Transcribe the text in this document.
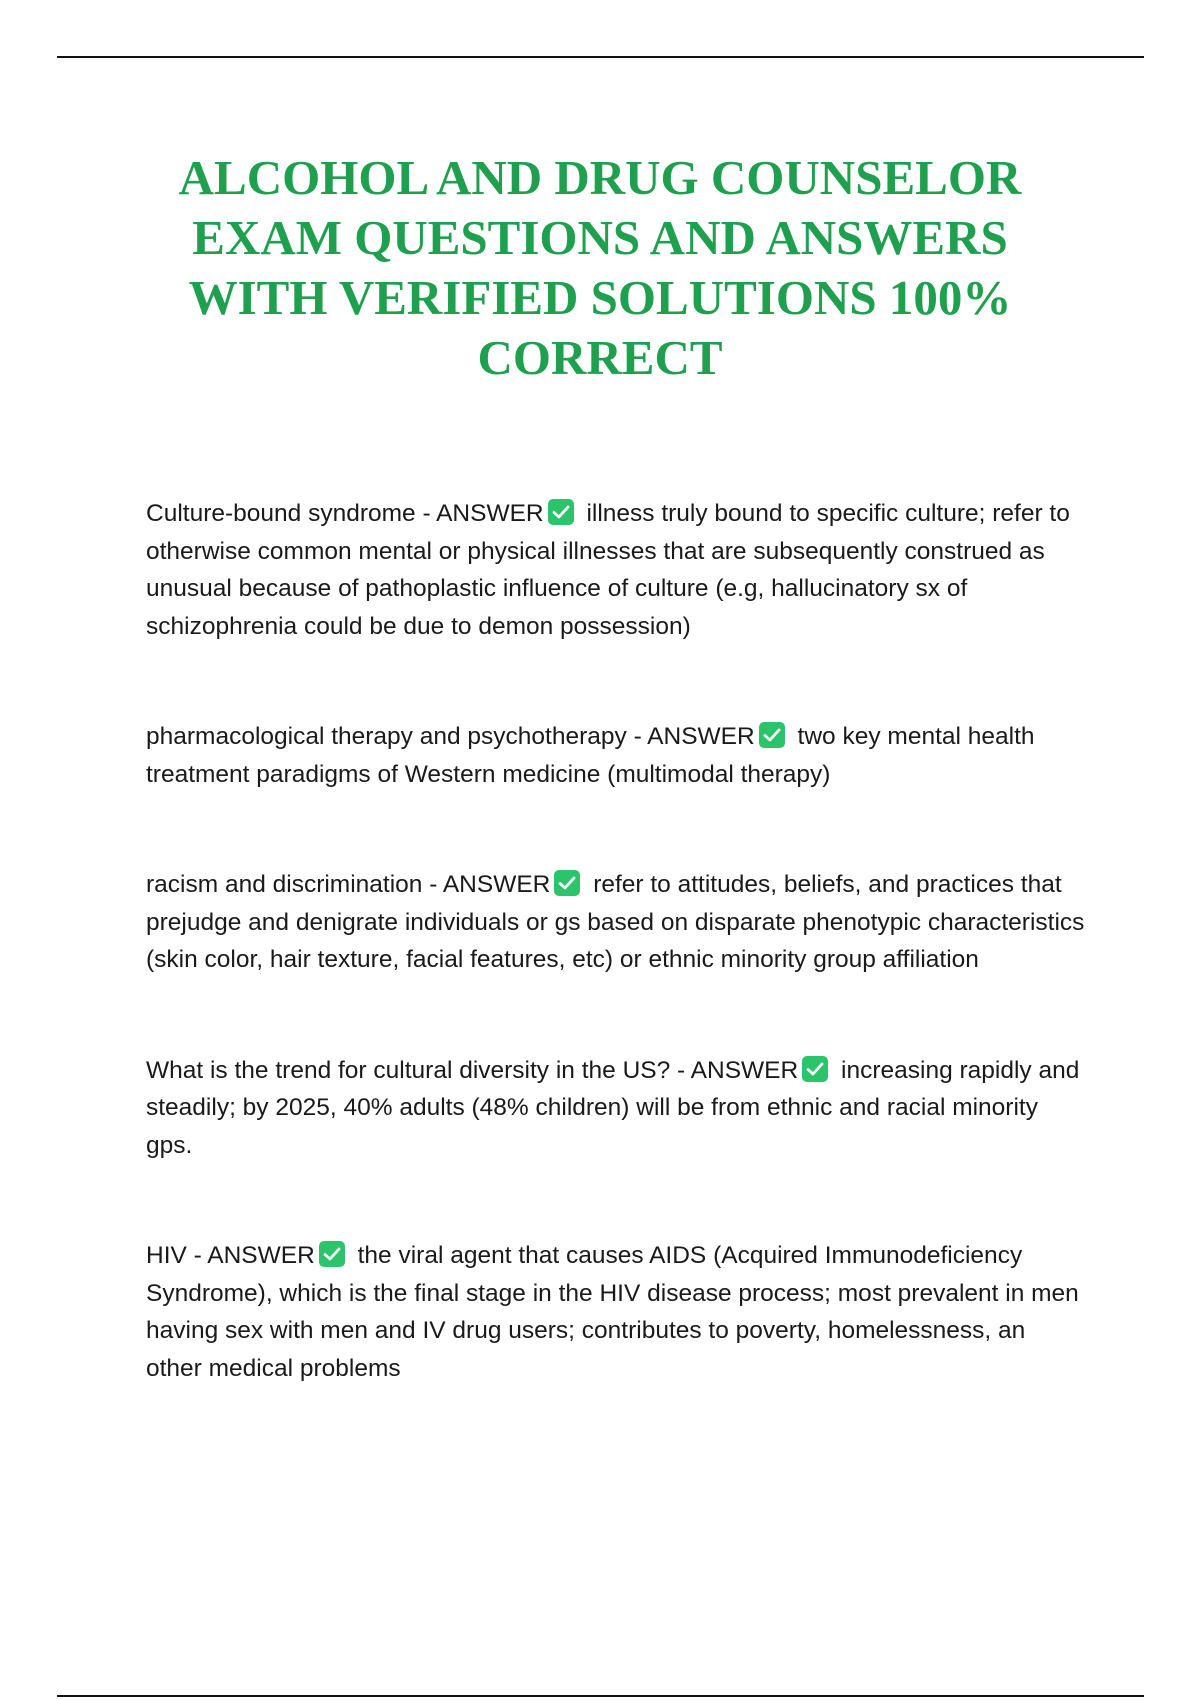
ALCOHOL AND DRUG COUNSELOR
EXAM QUESTIONS AND ANSWERS
WITH VERIFIED SOLUTIONS 100%
CORRECT

Culture-bound syndrome - ANSWER illness truly bound to specific culture; refer to otherwise common mental or physical illnesses that are subsequently construed as unusual because of pathoplastic influence of culture (e.g, hallucinatory sx of schizophrenia could be due to demon possession)

pharmacological therapy and psychotherapy - ANSWER two key mental health treatment paradigms of Western medicine (multimodal therapy)

racism and discrimination - ANSWER refer to attitudes, beliefs, and practices that prejudge and denigrate individuals or gs based on disparate phenotypic characteristics (skin color, hair texture, facial features, etc) or ethnic minority group affiliation

What is the trend for cultural diversity in the US? - ANSWER increasing rapidly and steadily; by 2025, 40% adults (48% children) will be from ethnic and racial minority gps.

HIV - ANSWER the viral agent that causes AIDS (Acquired Immunodeficiency Syndrome), which is the final stage in the HIV disease process; most prevalent in men having sex with men and IV drug users; contributes to poverty, homelessness, an other medical problems
